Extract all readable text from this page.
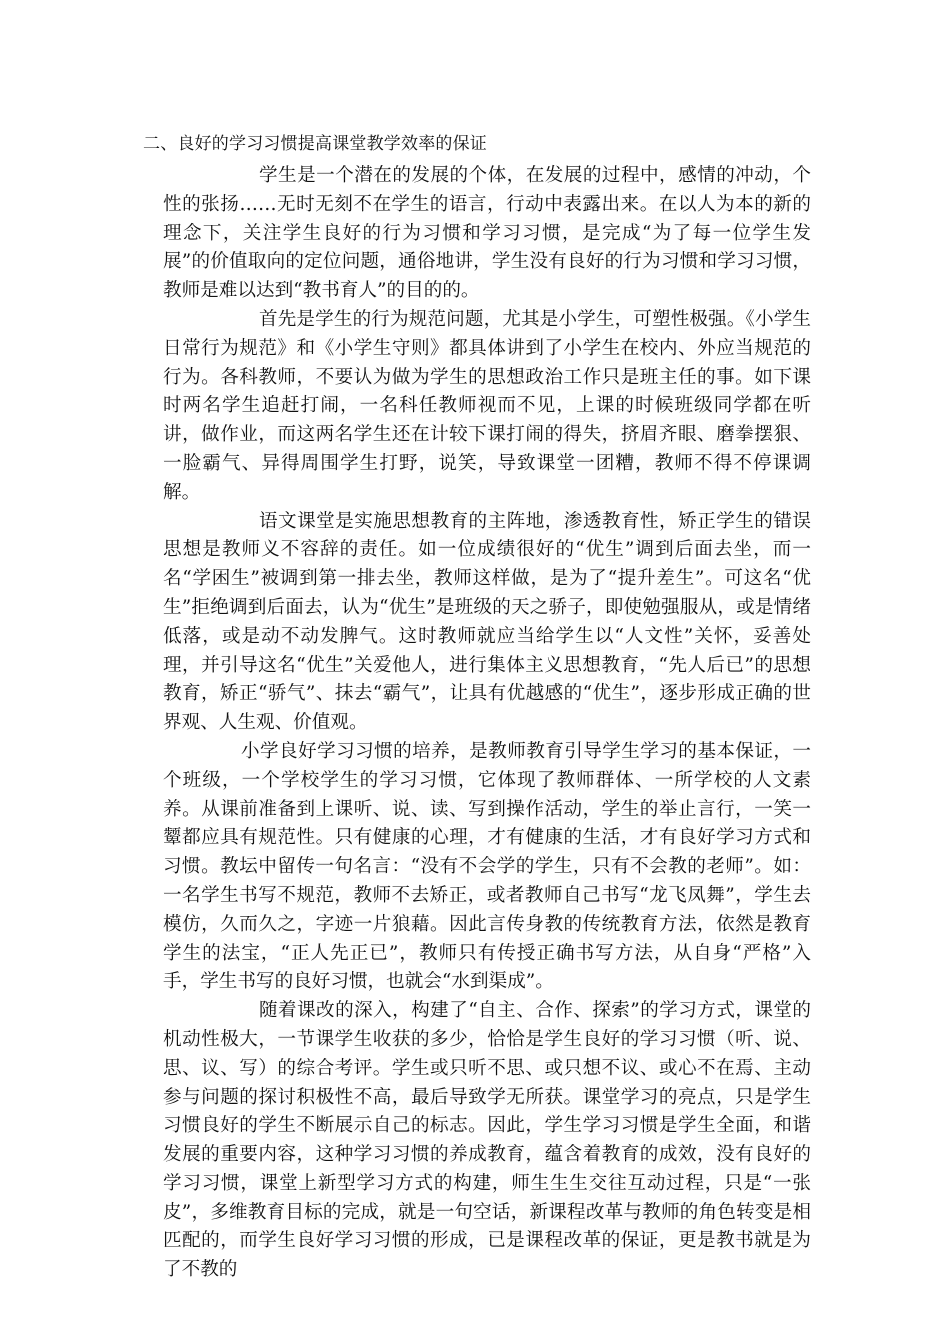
二、良好的学习习惯提高课堂教学效率的保证

学生是一个潜在的发展的个体，在发展的过程中，感情的冲动，个性的张扬……无时无刻不在学生的语言，行动中表露出来。在以人为本的新的理念下，关注学生良好的行为习惯和学习习惯，是完成“为了每一位学生发展”的价值取向的定位问题，通俗地讲，学生没有良好的行为习惯和学习习惯，教师是难以达到“教书育人”的目的的。

首先是学生的行为规范问题，尤其是小学生，可塑性极强。《小学生日常行为规范》和《小学生守则》都具体讲到了小学生在校内、外应当规范的行为。各科教师，不要认为做为学生的思想政治工作只是班主任的事。如下课时两名学生追赶打闹，一名科任教师视而不见，上课的时候班级同学都在听讲，做作业，而这两名学生还在计较下课打闹的得失，挤眉齐眼、磨拳摆狠、一脸霸气、异得周围学生打野，说笑，导致课堂一团糟，教师不得不停课调解。

语文课堂是实施思想教育的主阵地，渗透教育性，矫正学生的错误思想是教师义不容辞的责任。如一位成绩很好的“优生”调到后面去坐，而一名“学困生”被调到第一排去坐，教师这样做，是为了“提升差生”。可这名“优生”拒绝调到后面去，认为“优生”是班级的天之骄子，即使勉强服从，或是情绪低落，或是动不动发脾气。这时教师就应当给学生以“人文性”关怀，妥善处理，并引导这名“优生”关爱他人，进行集体主义思想教育，“先人后已”的思想教育，矫正“骄气”、抹去“霸气”，让具有优越感的“优生”，逐步形成正确的世界观、人生观、价值观。

小学良好学习习惯的培养，是教师教育引导学生学习的基本保证，一个班级，一个学校学生的学习习惯，它体现了教师群体、一所学校的人文素养。从课前准备到上课听、说、读、写到操作活动，学生的举止言行，一笑一颦都应具有规范性。只有健康的心理，才有健康的生活，才有良好学习方式和习惯。教坛中留传一句名言：“没有不会学的学生，只有不会教的老师”。如：一名学生书写不规范，教师不去矫正，或者教师自己书写“龙飞凤舞”，学生去模仿，久而久之，字迹一片狼藉。因此言传身教的传统教育方法，依然是教育学生的法宝，“正人先正已”，教师只有传授正确书写方法，从自身“严格”入手，学生书写的良好习惯，也就会“水到渠成”。

随着课改的深入，构建了“自主、合作、探索”的学习方式，课堂的机动性极大，一节课学生收获的多少，恰恰是学生良好的学习习惯（听、说、思、议、写）的综合考评。学生或只听不思、或只想不议、或心不在焉、主动参与问题的探讨积极性不高，最后导致学无所获。课堂学习的亮点，只是学生习惯良好的学生不断展示自己的标志。因此，学生学习习惯是学生全面，和谐发展的重要内容，这种学习习惯的养成教育，蕴含着教育的成效，没有良好的学习习惯，课堂上新型学习方式的构建，师生生生交往互动过程，只是“一张皮”，多维教育目标的完成，就是一句空话，新课程改革与教师的角色转变是相匹配的，而学生良好学习习惯的形成，已是课程改革的保证，更是教书就是为了不教的
